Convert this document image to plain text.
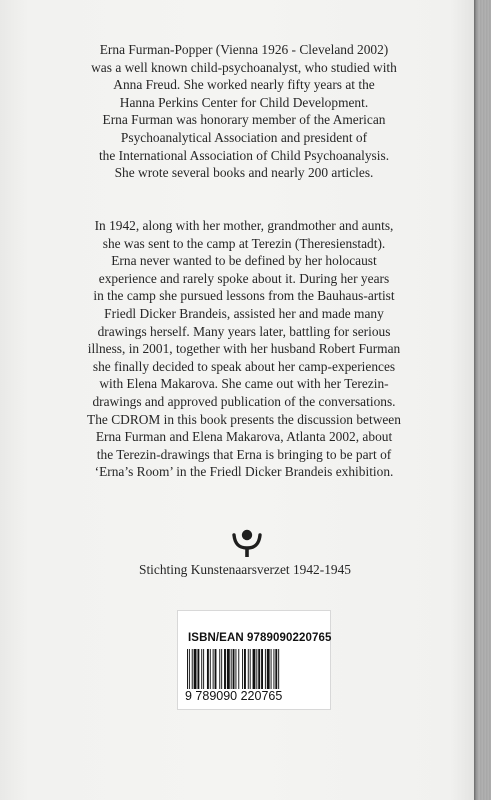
Erna Furman-Popper (Vienna 1926 - Cleveland 2002)
was a well known child-psychoanalyst, who studied with
Anna Freud. She worked nearly fifty years at the
Hanna Perkins Center for Child Development.
Erna Furman was honorary member of the American
Psychoanalytical Association and president of
the International Association of Child Psychoanalysis.
She wrote several books and nearly 200 articles.
In 1942, along with her mother, grandmother and aunts,
she was sent to the camp at Terezin (Theresienstadt).
Erna never wanted to be defined by her holocaust
experience and rarely spoke about it. During her years
in the camp she pursued lessons from the Bauhaus-artist
Friedl Dicker Brandeis, assisted her and made many
drawings herself. Many years later, battling for serious
illness, in 2001, together with her husband Robert Furman
she finally decided to speak about her camp-experiences
with Elena Makarova. She came out with her Terezin-
drawings and approved publication of the conversations.
The CDROM in this book presents the discussion between
Erna Furman and Elena Makarova, Atlanta 2002, about
the Terezin-drawings that Erna is bringing to be part of
‘Erna’s Room’ in the Friedl Dicker Brandeis exhibition.
Stichting Kunstenaarsverzet 1942-1945
ISBN/EAN 9789090220765
9 789090 220765
